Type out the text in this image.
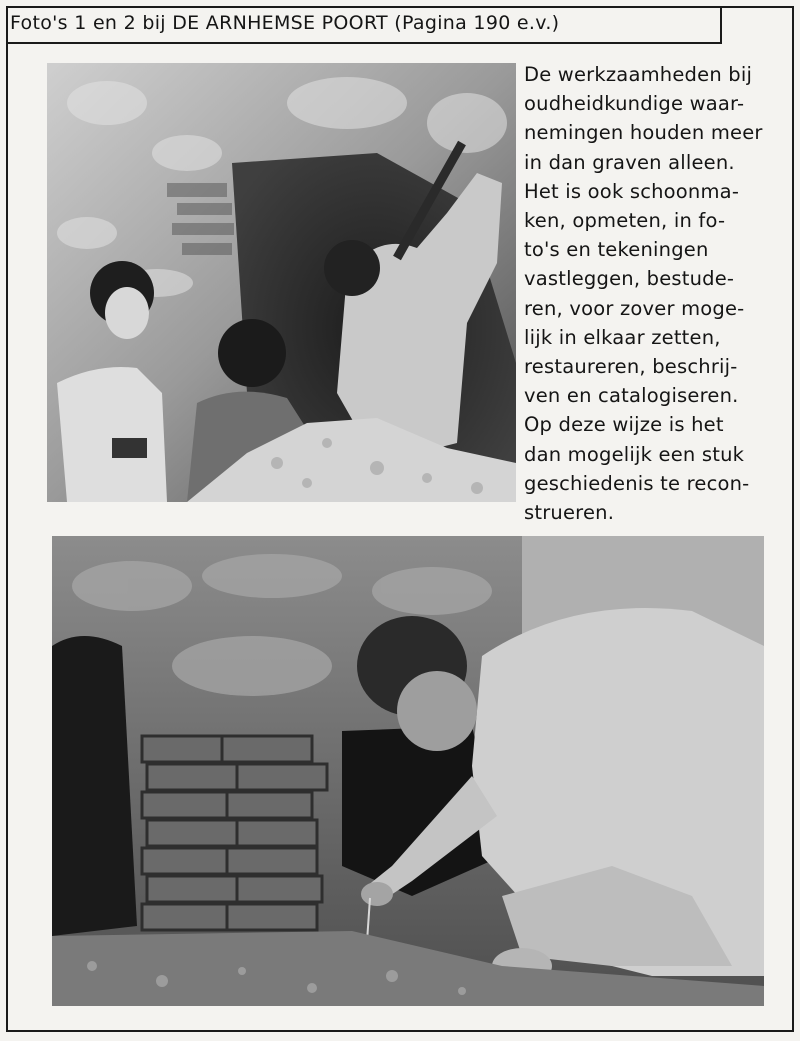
Foto's 1 en 2 bij DE ARNHEMSE POORT (Pagina 190 e.v.)
De werkzaamheden bij
oudheidkundige waar-
nemingen houden meer
in dan graven alleen.
Het is ook schoonma-
ken, opmeten, in fo-
to's en tekeningen
vastleggen, bestude-
ren, voor zover moge-
lijk in elkaar zetten,
restaureren, beschrij-
ven en catalogiseren.
Op deze wijze is het
dan mogelijk een stuk
geschiedenis te recon-
strueren.
